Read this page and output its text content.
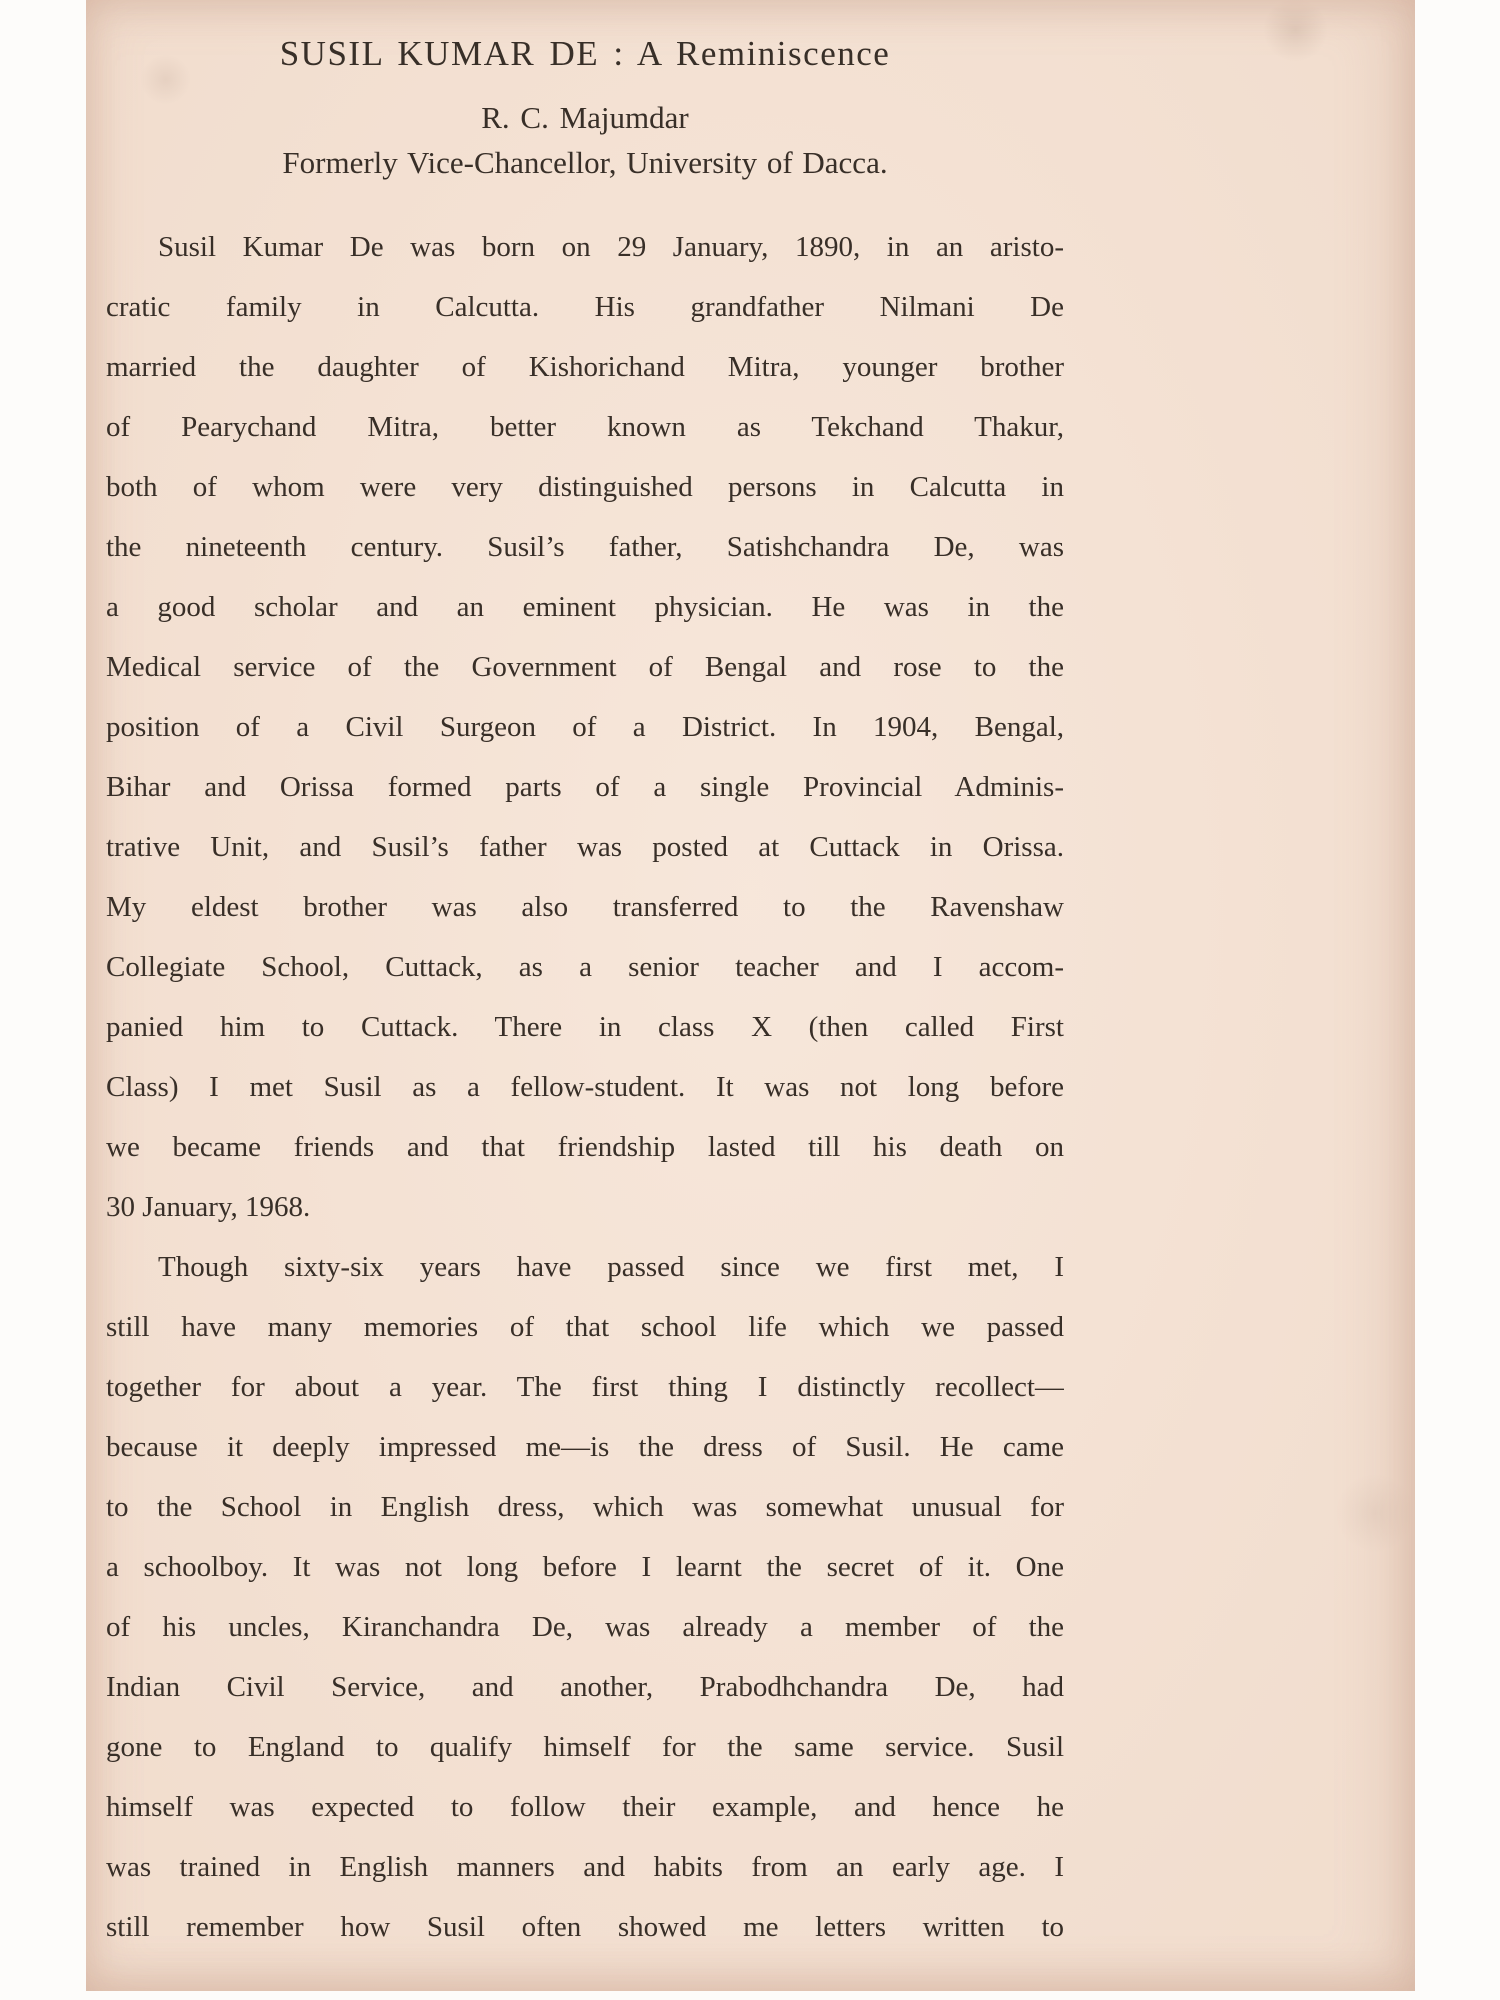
SUSIL KUMAR DE : A Reminiscence
R. C. Majumdar
Formerly Vice-Chancellor, University of Dacca.
Susil Kumar De was born on 29 January, 1890, in an aristo-
cratic family in Calcutta. His grandfather Nilmani De
married the daughter of Kishorichand Mitra, younger brother
of Pearychand Mitra, better known as Tekchand Thakur,
both of whom were very distinguished persons in Calcutta in
the nineteenth century. Susil’s father, Satishchandra De, was
a good scholar and an eminent physician. He was in the
Medical service of the Government of Bengal and rose to the
position of a Civil Surgeon of a District. In 1904, Bengal,
Bihar and Orissa formed parts of a single Provincial Adminis-
trative Unit, and Susil’s father was posted at Cuttack in Orissa.
My eldest brother was also transferred to the Ravenshaw
Collegiate School, Cuttack, as a senior teacher and I accom-
panied him to Cuttack. There in class X (then called First
Class) I met Susil as a fellow-student. It was not long before
we became friends and that friendship lasted till his death on
30 January, 1968.
Though sixty-six years have passed since we first met, I
still have many memories of that school life which we passed
together for about a year. The first thing I distinctly recollect—
because it deeply impressed me—is the dress of Susil. He came
to the School in English dress, which was somewhat unusual for
a schoolboy. It was not long before I learnt the secret of it. One
of his uncles, Kiranchandra De, was already a member of the
Indian Civil Service, and another, Prabodhchandra De, had
gone to England to qualify himself for the same service. Susil
himself was expected to follow their example, and hence he
was trained in English manners and habits from an early age. I
still remember how Susil often showed me letters written to
